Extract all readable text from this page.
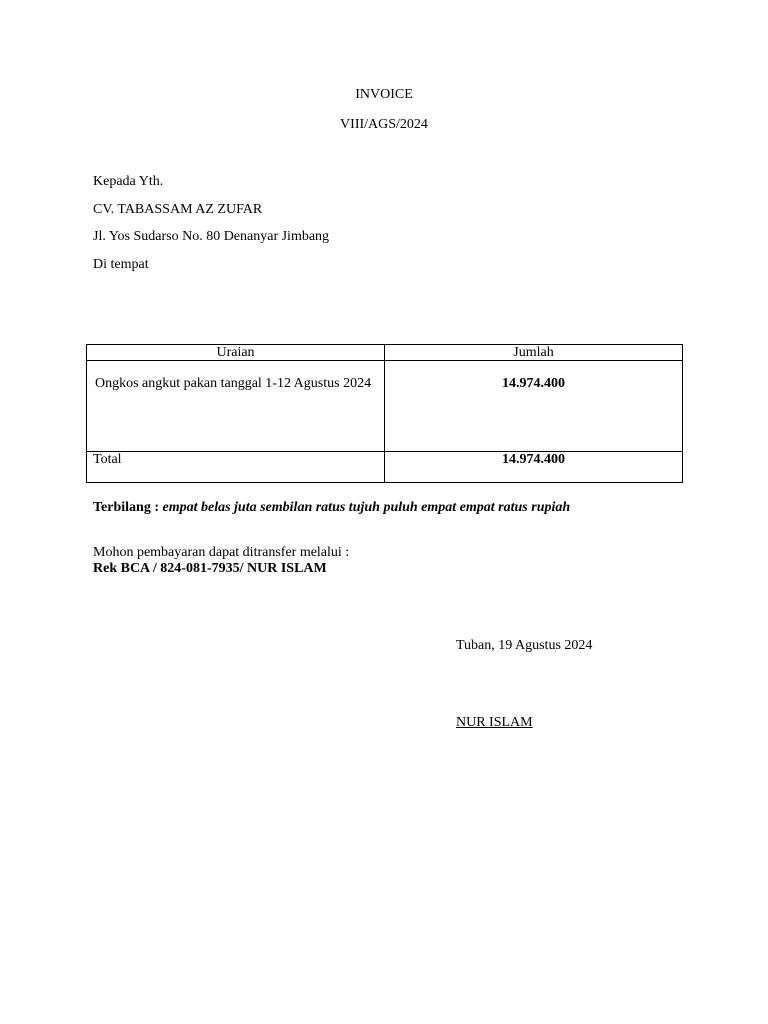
INVOICE
VIII/AGS/2024
Kepada Yth.
CV. TABASSAM AZ ZUFAR
Jl. Yos Sudarso No. 80 Denanyar Jimbang
Di tempat
Uraian	Jumlah
Ongkos angkut pakan tanggal 1-12 Agustus 2024	14.974.400
Total	14.974.400
Terbilang : empat belas juta sembilan ratus tujuh puluh empat empat ratus rupiah
Mohon pembayaran dapat ditransfer melalui :
Rek BCA / 824-081-7935/ NUR ISLAM
Tuban, 19 Agustus 2024
NUR ISLAM
